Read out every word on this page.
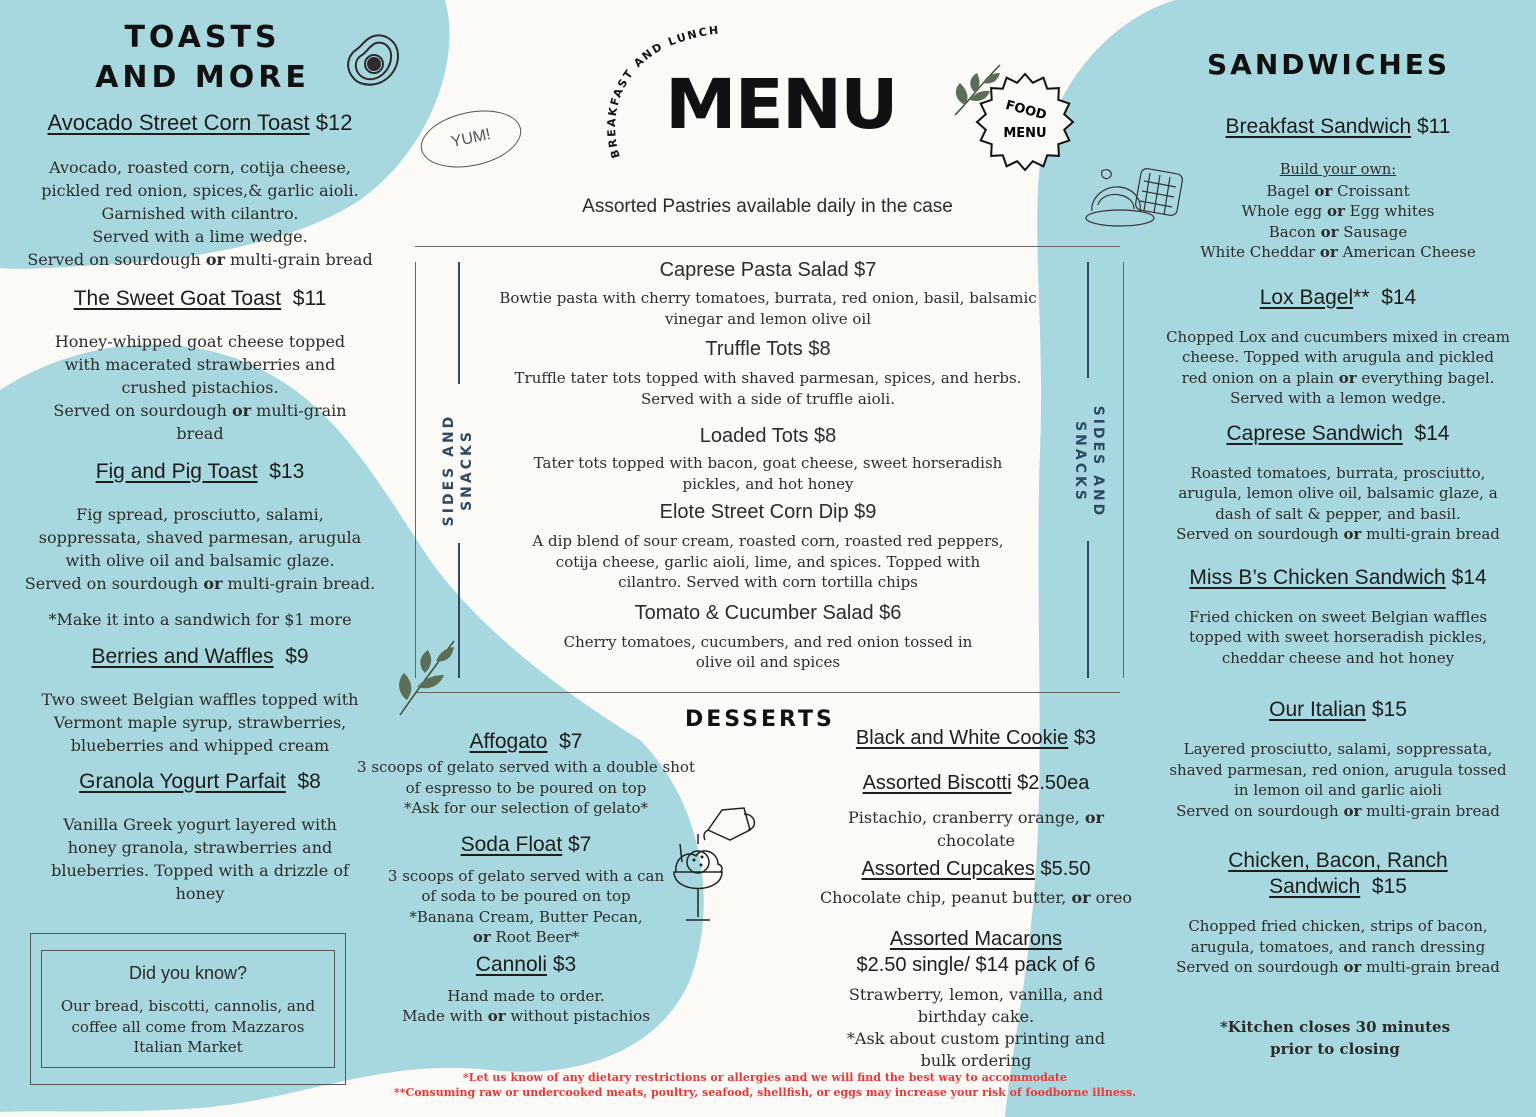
TOASTS
AND MORE

Avocado Street Corn Toast $12

Avocado, roasted corn, cotija cheese,
pickled red onion, spices,& garlic aioli.
Garnished with cilantro.
Served with a lime wedge.
Served on sourdough or multi-grain bread

The Sweet Goat Toast $11

Honey-whipped goat cheese topped
with macerated strawberries and
crushed pistachios.
Served on sourdough or multi-grain
bread

Fig and Pig Toast $13

Fig spread, prosciutto, salami,
soppressata, shaved parmesan, arugula
with olive oil and balsamic glaze.
Served on sourdough or multi-grain bread.

*Make it into a sandwich for $1 more

Berries and Waffles $9

Two sweet Belgian waffles topped with
Vermont maple syrup, strawberries,
blueberries and whipped cream

Granola Yogurt Parfait $8

Vanilla Greek yogurt layered with
honey granola, strawberries and
blueberries. Topped with a drizzle of
honey

Did you know?
Our bread, biscotti, cannolis, and
coffee all come from Mazzaros
Italian Market
BREAKFAST AND LUNCH
MENU
YUM!
FOOD
MENU
Assorted Pastries available daily in the case
SIDES AND SNACKS	SIDES AND
SNACKS

Caprese Pasta Salad $7

Bowtie pasta with cherry tomatoes, burrata, red onion, basil, balsamic
vinegar and lemon olive oil

Truffle Tots $8

Truffle tater tots topped with shaved parmesan, spices, and herbs.
Served with a side of truffle aioli.

Loaded Tots $8

Tater tots topped with bacon, goat cheese, sweet horseradish
pickles, and hot honey

Elote Street Corn Dip $9

A dip blend of sour cream, roasted corn, roasted red peppers,
cotija cheese, garlic aioli, lime, and spices. Topped with
cilantro. Served with corn tortilla chips

Tomato & Cucumber Salad $6

Cherry tomatoes, cucumbers, and red onion tossed in
olive oil and spices

DESSERTS

Affogato $7

3 scoops of gelato served with a double shot
of espresso to be poured on top
*Ask for our selection of gelato*

Soda Float $7

3 scoops of gelato served with a can
of soda to be poured on top
*Banana Cream, Butter Pecan,
or Root Beer*

Cannoli $3

Hand made to order.
Made with or without pistachios

Black and White Cookie $3

Assorted Biscotti $2.50ea

Pistachio, cranberry orange, or
chocolate

Assorted Cupcakes $5.50

Chocolate chip, peanut butter, or oreo

Assorted Macarons

$2.50 single/ $14 pack of 6

Strawberry, lemon, vanilla, and
birthday cake.
*Ask about custom printing and
bulk ordering

*Let us know of any dietary restrictions or allergies and we will find the best way to accommodate
**Consuming raw or undercooked meats, poultry, seafood, shellfish, or eggs may increase your risk of foodborne illness.
SANDWICHES

Breakfast Sandwich $11

Build your own:

Bagel or Croissant
Whole egg or Egg whites
Bacon or Sausage
White Cheddar or American Cheese

Lox Bagel** $14

Chopped Lox and cucumbers mixed in cream
cheese. Topped with arugula and pickled
red onion on a plain or everything bagel.
Served with a lemon wedge.

Caprese Sandwich $14

Roasted tomatoes, burrata, prosciutto,
arugula, lemon olive oil, balsamic glaze, a
dash of salt & pepper, and basil.
Served on sourdough or multi-grain bread

Miss B’s Chicken Sandwich $14

Fried chicken on sweet Belgian waffles
topped with sweet horseradish pickles,
cheddar cheese and hot honey

Our Italian $15

Layered prosciutto, salami, soppressata,
shaved parmesan, red onion, arugula tossed
in lemon oil and garlic aioli
Served on sourdough or multi-grain bread

Chicken, Bacon, Ranch

Sandwich $15

Chopped fried chicken, strips of bacon,
arugula, tomatoes, and ranch dressing
Served on sourdough or multi-grain bread

*Kitchen closes 30 minutes
prior to closing
